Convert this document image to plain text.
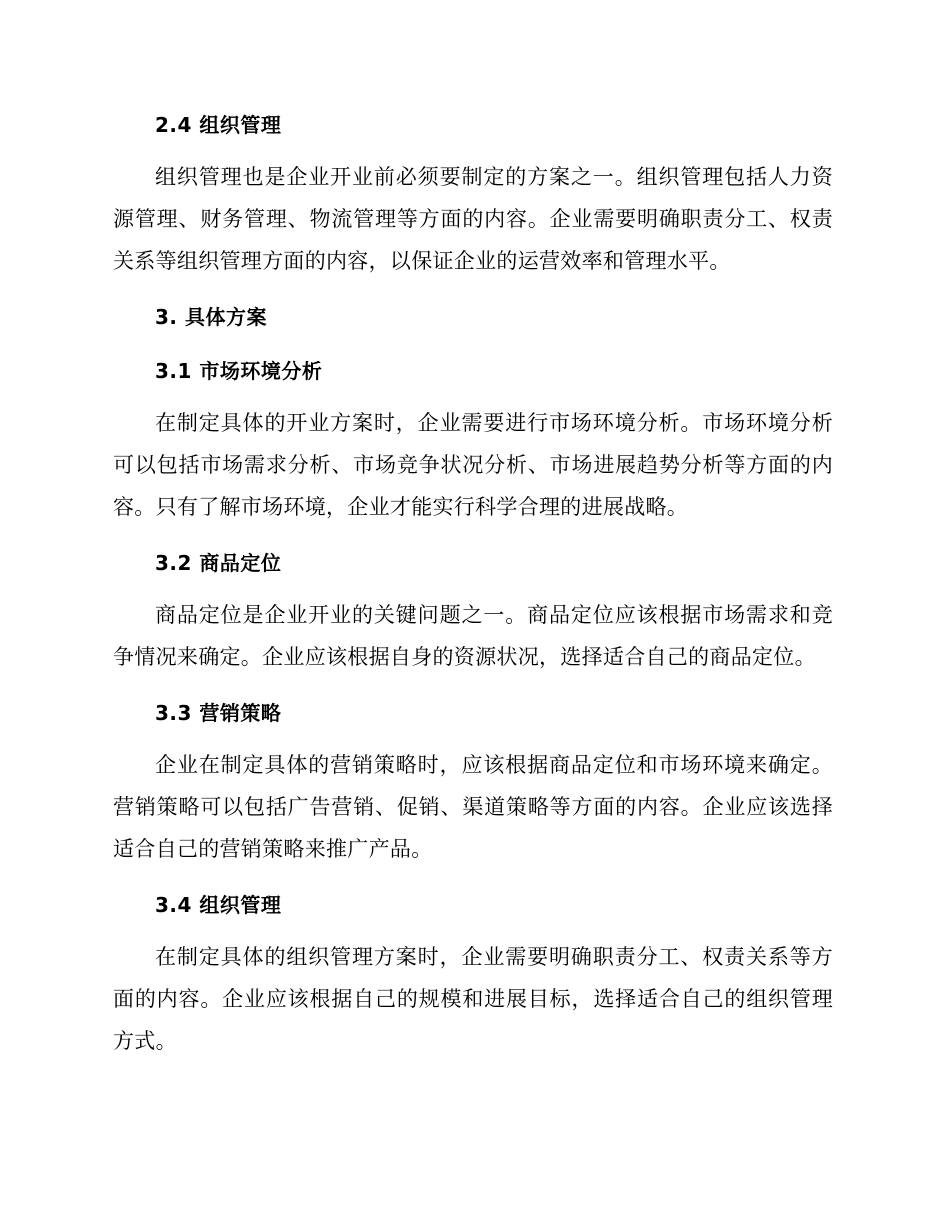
2.4 组织管理

组织管理也是企业开业前必须要制定的方案之一。组织管理包括人力资源管理、财务管理、物流管理等方面的内容。企业需要明确职责分工、权责关系等组织管理方面的内容，以保证企业的运营效率和管理水平。

3. 具体方案
3.1 市场环境分析

在制定具体的开业方案时，企业需要进行市场环境分析。市场环境分析可以包括市场需求分析、市场竞争状况分析、市场进展趋势分析等方面的内容。只有了解市场环境，企业才能实行科学合理的进展战略。

3.2 商品定位

商品定位是企业开业的关键问题之一。商品定位应该根据市场需求和竞争情况来确定。企业应该根据自身的资源状况，选择适合自己的商品定位。

3.3 营销策略

企业在制定具体的营销策略时，应该根据商品定位和市场环境来确定。营销策略可以包括广告营销、促销、渠道策略等方面的内容。企业应该选择适合自己的营销策略来推广产品。

3.4 组织管理

在制定具体的组织管理方案时，企业需要明确职责分工、权责关系等方面的内容。企业应该根据自己的规模和进展目标，选择适合自己的组织管理方式。
